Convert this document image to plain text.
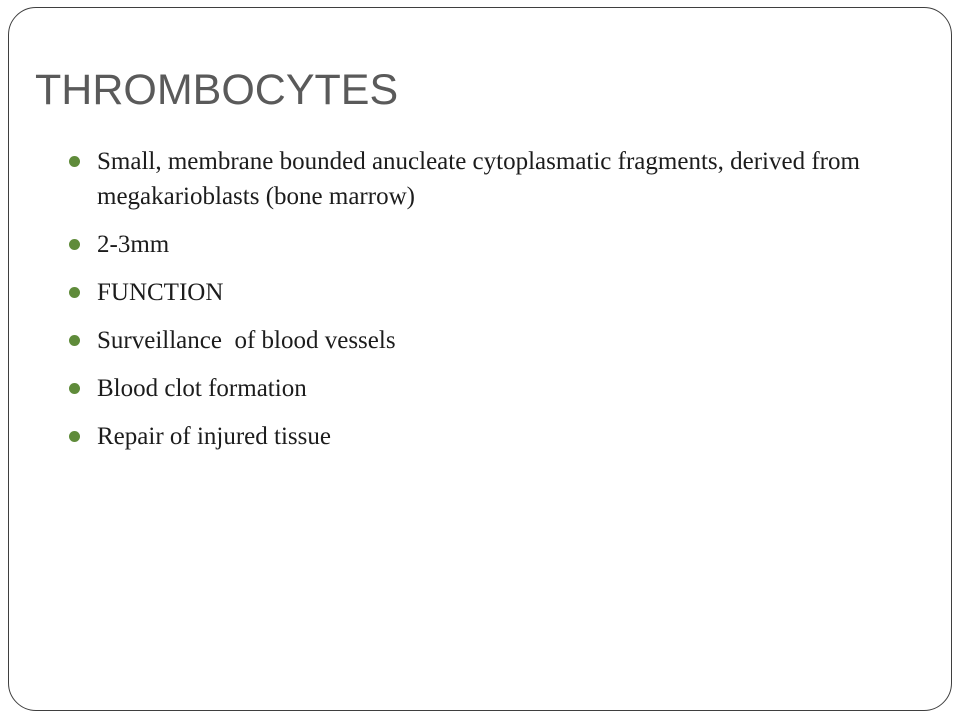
THROMBOCYTES
Small, membrane bounded anucleate cytoplasmatic fragments, derived from megakarioblasts (bone marrow)
2-3mm
FUNCTION
Surveillance  of blood vessels
Blood clot formation
Repair of injured tissue
